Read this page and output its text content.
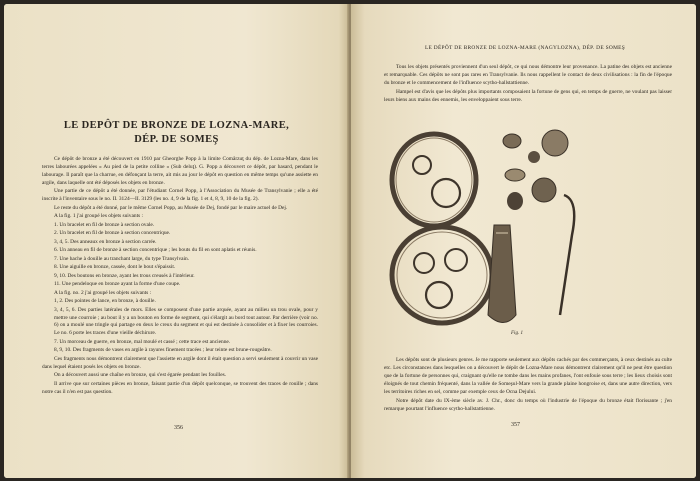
LE DEPÔT DE BRONZE DE LOZNA-MARE,
DÉP. DE SOMEŞ

Ce dépôt de bronze a été découvert en 1910 par Gheorghe Popp à la limite Comârzuţ du dép. de Lozna-Mare, dans les terres labourées appelées « Au pied de la petite colline » (Sub deluţ). G. Popp a découvert ce dépôt, par hasard, pendant le labourage. Il paraît que la charrue, en défonçant la terre, ait mis au jour le dépôt en question en même temps qu'une assiette en argile, dans laquelle ont été déposés les objets en bronze.

Une partie de ce dépôt a été donnée, par l'étudiant Cornel Popp, à l'Association du Musée de Transylvanie ; elle a été inscrite à l'inventaire sous le no. II. 3124—II. 3129 (les no. 4, 9 de la fig. 1 et 4, 8, 9, 10 de la fig. 2).

Le reste du dépôt a été donné, par le même Cornel Popp, au Musée de Dej, fondé par le maire actuel de Dej.

A la fig. 1 j'ai groupé les objets suivants :

1. Un bracelet en fil de bronze à section ovale.

2. Un bracelet en fil de bronze à section concentrique.

3, 4, 5. Des anneaux en bronze à section carrée.

6. Un anneau en fil de bronze à section concentrique ; les bouts du fil en sont aplatis et réunis.

7. Une hache à douille au tranchant large, du type Transylvain.

8. Une aiguille en bronze, cassée, dont le bout s'épaissit.

9, 10. Des boutons en bronze, ayant les trous creusés à l'intérieur.

11. Une pendeloque en bronze ayant la forme d'une coupe.

A la fig. no. 2 j'ai groupé les objets suivants :

1, 2. Des pointes de lance, en bronze, à douille.

3, 4, 5, 6. Des parties latérales de mors. Elles se composent d'une partie arquée, ayant au milieu un trou ovale, pour y mettre une courroie ; au bout il y a un bouton en forme de segment, qui s'élargit au bord tout autour. Par derrière (voir no. 6) on a moulé une tringle qui partage en deux le creux du segment et qui est destinée à consolider et à fixer les courroies. Le no. 6 porte les traces d'une vieille déchirure.

7. Un morceau de guerre, en bronze, mal moulé et cassé ; cette trace est ancienne.

8, 9, 10. Des fragments de vases en argile à rayures finement tracées ; leur teinte est brune-rougeâtre.

Ces fragments nous démontrent clairement que l'assiette en argile dont il était question a servi seulement à couvrir un vase dans lequel étaient posés les objets en bronze.

On a découvert aussi une chaîne en bronze, qui s'est égarée pendant les fouilles.

Il arrive que sur certaines pièces en bronze, faisant partie d'un dépôt quelconque, se trouvent des traces de rouille ; dans notre cas il n'en est pas question.

356
LE DÉPÔT DE BRONZE DE LOZNA-MARE (NAGYLOZNA), DÉP. DE SOMEŞ

Tous les objets présentés proviennent d'un seul dépôt, ce qui nous démontre leur provenance. La patine des objets est ancienne et remarquable. Ces dépôts ne sont pas rares en Transylvanie. Ils nous rappellent le contact de deux civilisations : la fin de l'époque du bronze et le commencement de l'influence scytho-hallstattienne.

Hampel est d'avis que les dépôts plus importants composaient la fortune de gens qui, en temps de guerre, ne voulant pas laisser leurs biens aux mains des ennemis, les enveloppaient sous terre.

Fig. 1

Les dépôts sont de plusieurs genres. Je me rapporte seulement aux dépôts cachés par des commerçants, à ceux destinés au culte etc. Les circonstances dans lesquelles on a découvert le dépôt de Lozna-Mare nous démontrent clairement qu'il ne peut être question que de la fortune de personnes qui, craignant qu'elle ne tombe dans les mains profanes, l'ont enfouie sous terre ; les lieux choisis sont éloignés de tout chemin fréquenté, dans la vallée de Someşul-Mare vers la grande plaine hongroise et, dans une autre direction, vers les territoires riches en sel, comme par exemple ceux de Ocna Dejului.

Notre dépôt date du IX-ème siècle av. J. Chr., donc du temps où l'industrie de l'époque du bronze était florissante ; j'en remarque pourtant l'influence scytho-hallstattienne.

357
